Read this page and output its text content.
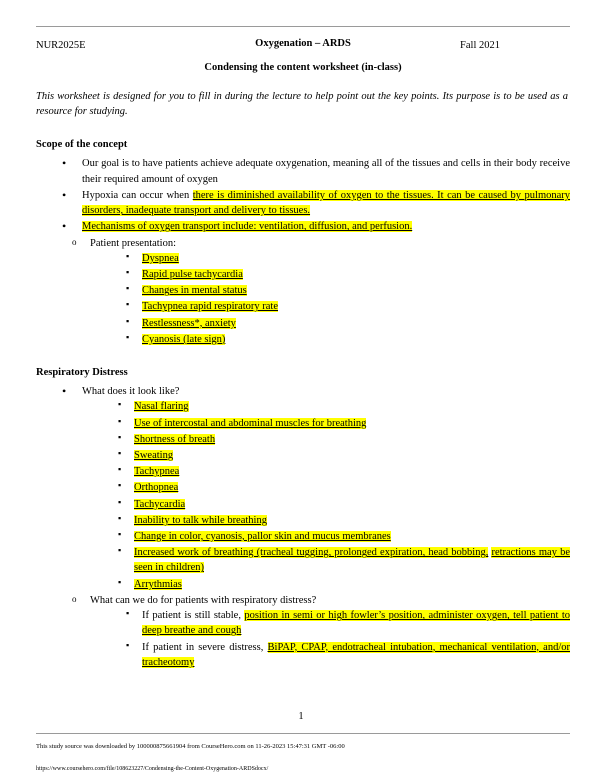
NUR2025E	Fall 2021
Oxygenation – ARDS
Condensing the content worksheet (in-class)
This worksheet is designed for you to fill in during the lecture to help point out the key points. Its purpose is to be used as a resource for studying.
Scope of the concept
• Our goal is to have patients achieve adequate oxygenation, meaning all of the tissues and cells in their body receive their required amount of oxygen
• Hypoxia can occur when there is diminished availability of oxygen to the tissues. It can be caused by pulmonary disorders, inadequate transport and delivery to tissues.
• Mechanisms of oxygen transport include: ventilation, diffusion, and perfusion.
o Patient presentation:
▪ Dyspnea
▪ Rapid pulse tachycardia
▪ Changes in mental status
▪ Tachypnea rapid respiratory rate
▪ Restlessness*, anxiety
▪ Cyanosis (late sign)
Respiratory Distress
• What does it look like?
▪ Nasal flaring
▪ Use of intercostal and abdominal muscles for breathing
▪ Shortness of breath
▪ Sweating
▪ Tachypnea
▪ Orthopnea
▪ Tachycardia
▪ Inability to talk while breathing
▪ Change in color, cyanosis, pallor skin and mucus membranes
▪ Increased work of breathing (tracheal tugging, prolonged expiration, head bobbing, retractions may be seen in children)
▪ Arrythmias
o What can we do for patients with respiratory distress?
▪ If patient is still stable, position in semi or high fowler’s position, administer oxygen, tell patient to deep breathe and cough
▪ If patient in severe distress, BiPAP, CPAP, endotracheal intubation, mechanical ventilation, and/or tracheotomy
1
This study source was downloaded by 100000875661904 from CourseHero.com on 11-26-2023 15:47:31 GMT -06:00
https://www.coursehero.com/file/108623227/Condensing-the-Content-Oxygenation-ARDSdocx/
